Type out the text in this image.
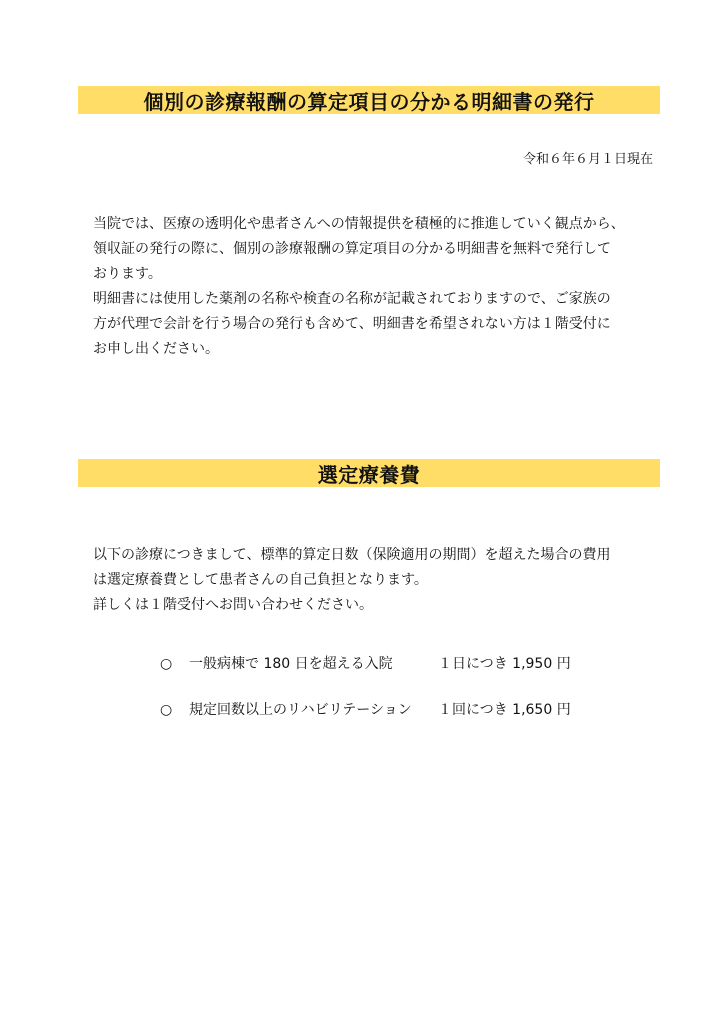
個別の診療報酬の算定項目の分かる明細書の発行
令和６年６月１日現在
当院では、医療の透明化や患者さんへの情報提供を積極的に推進していく観点から、
領収証の発行の際に、個別の診療報酬の算定項目の分かる明細書を無料で発行して
おります。
明細書には使用した薬剤の名称や検査の名称が記載されておりますので、ご家族の
方が代理で会計を行う場合の発行も含めて、明細書を希望されない方は１階受付に
お申し出ください。
選定療養費
以下の診療につきまして、標準的算定日数（保険適用の期間）を超えた場合の費用
は選定療養費として患者さんの自己負担となります。
詳しくは１階受付へお問い合わせください。
○ 一般病棟で 180 日を超える入院	１日につき 1,950 円
○ 規定回数以上のリハビリテーション １回につき 1,650 円
